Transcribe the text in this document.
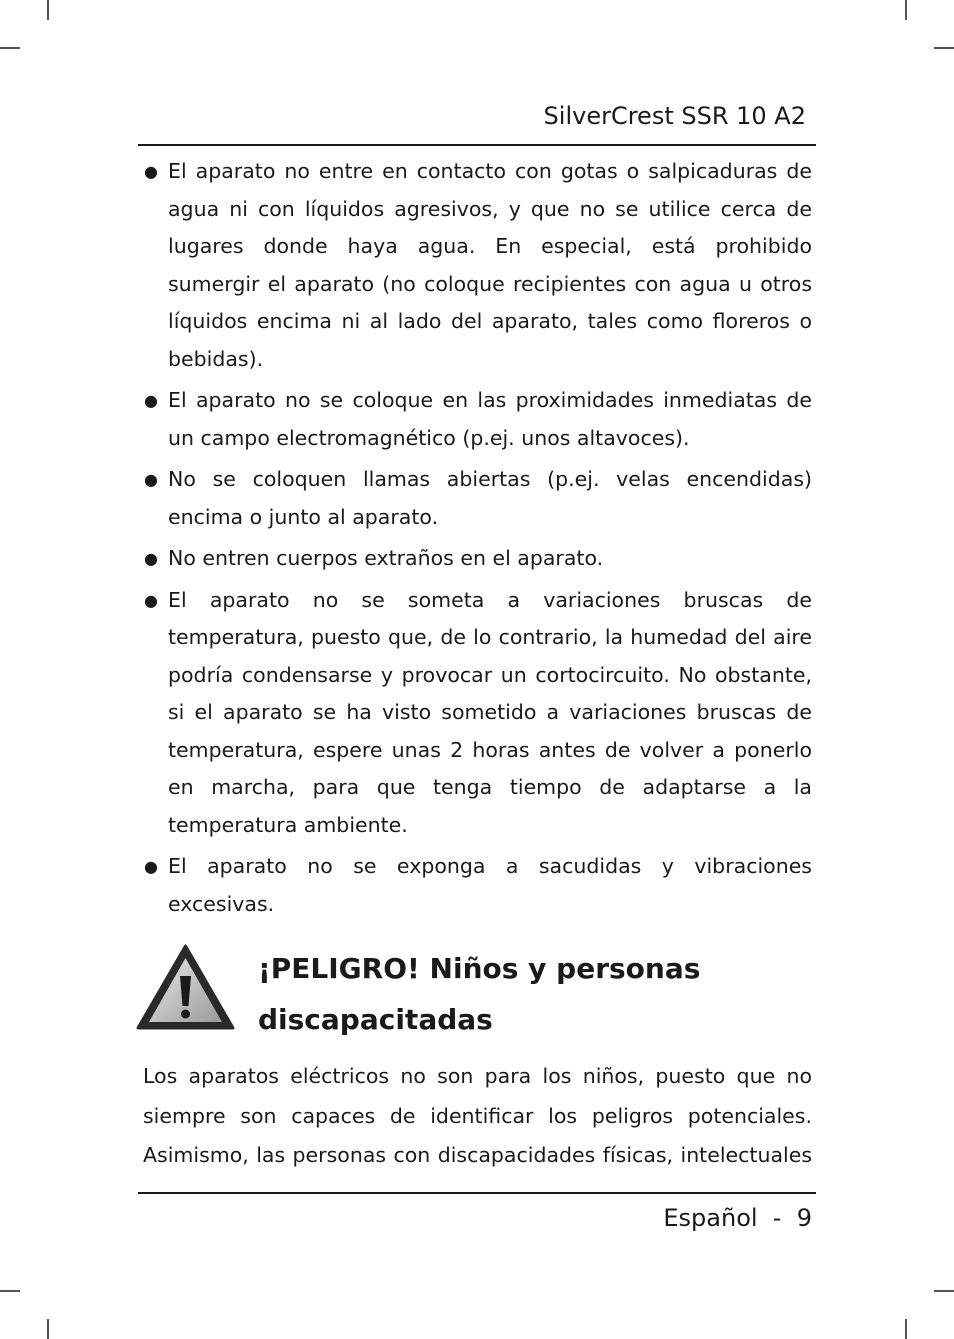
SilverCrest SSR 10 A2
● El aparato no entre en contacto con gotas o salpicaduras de agua ni con líquidos agresivos, y que no se utilice cerca de lugares donde haya agua. En especial, está prohibido sumergir el aparato (no coloque recipientes con agua u otros líquidos encima ni al lado del aparato, tales como floreros o bebidas).
● El aparato no se coloque en las proximidades inmediatas de un campo electromagnético (p.ej. unos altavoces).
● No se coloquen llamas abiertas (p.ej. velas encendidas) encima o junto al aparato.
● No entren cuerpos extraños en el aparato.
● El aparato no se someta a variaciones bruscas de temperatura, puesto que, de lo contrario, la humedad del aire podría condensarse y provocar un cortocircuito. No obstante, si el aparato se ha visto sometido a variaciones bruscas de temperatura, espere unas 2 horas antes de volver a ponerlo en marcha, para que tenga tiempo de adaptarse a la temperatura ambiente.
● El aparato no se exponga a sacudidas y vibraciones excesivas.
¡PELIGRO! Niños y personas
discapacitadas

Los aparatos eléctricos no son para los niños, puesto que no siempre son capaces de identificar los peligros potenciales. Asimismo, las personas con discapacidades físicas, intelectuales

Español  -  9
